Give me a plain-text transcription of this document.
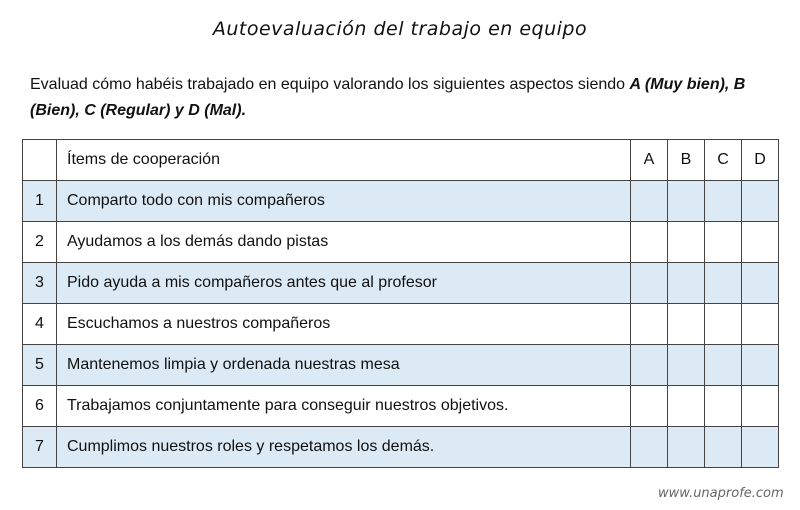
Autoevaluación del trabajo en equipo
Evaluad cómo habéis trabajado en equipo valorando los siguientes aspectos siendo A (Muy bien), B (Bien), C (Regular) y D (Mal).
	Ítems de cooperación	A	B	C	D
1	Comparto todo con mis compañeros				
2	Ayudamos a los demás dando pistas				
3	Pido ayuda a mis compañeros antes que al profesor				
4	Escuchamos a nuestros compañeros				
5	Mantenemos limpia y ordenada nuestras mesa				
6	Trabajamos conjuntamente para conseguir nuestros objetivos.				
7	Cumplimos nuestros roles y respetamos los demás.				
www.unaprofe.com
